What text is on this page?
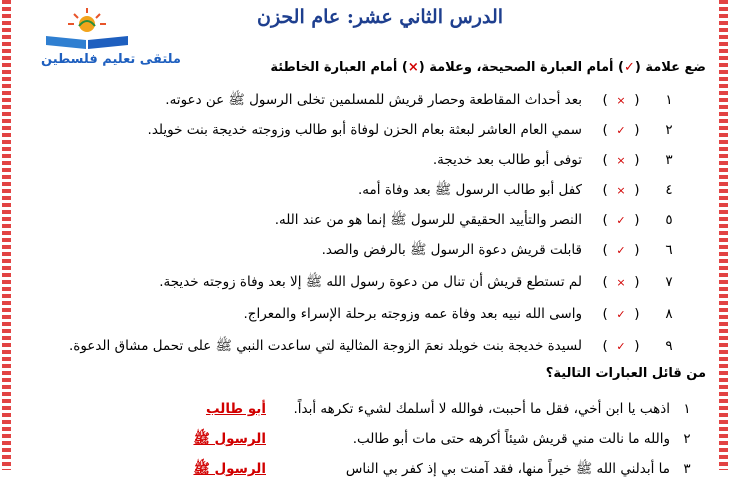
ملتقى تعليم فلسطين
الدرس الثاني عشر: عام الحزن
ضع علامة (✓) أمام العبارة الصحيحة، وعلامة (×) أمام العبارة الخاطئة
١
(  ×  )
بعد أحداث المقاطعة وحصار قريش للمسلمين تخلى الرسول ﷺ عن دعوته.
٢
(  ✓  )
سمي العام العاشر لبعثة بعام الحزن لوفاة أبو طالب وزوجته خديجة بنت خويلد.
٣
(  ×  )
توفى أبو طالب بعد خديجة.
٤
(  ×  )
كفل أبو طالب الرسول ﷺ بعد وفاة أمه.
٥
(  ✓  )
النصر والتأييد الحقيقي للرسول ﷺ إنما هو من عند الله.
٦
(  ✓  )
قابلت قريش دعوة الرسول ﷺ بالرفض والصد.
٧
(  ×  )
لم تستطع قريش أن تنال من دعوة رسول الله ﷺ إلا بعد وفاة زوجته خديجة.
٨
(  ✓  )
واسى الله نبيه بعد وفاة عمه وزوجته برحلة الإسراء والمعراج.
٩
(  ✓  )
لسيدة خديجة بنت خويلد نعمَ الزوجة المثالية لتي ساعدت النبي ﷺ على تحمل مشاق الدعوة.
من قائل العبارات التالية؟
١
اذهب يا ابن أخي، فقل ما أحببت، فوالله لا أسلمك لشيء تكرهه أبداً.
أبو طالب
٢
والله ما نالت مني قريش شيئاً أكرهه حتى مات أبو طالب.
الرسول ﷺ
٣
ما أبدلني الله ﷺ خيراً منها، فقد آمنت بي إذ كفر بي الناس
الرسول ﷺ
